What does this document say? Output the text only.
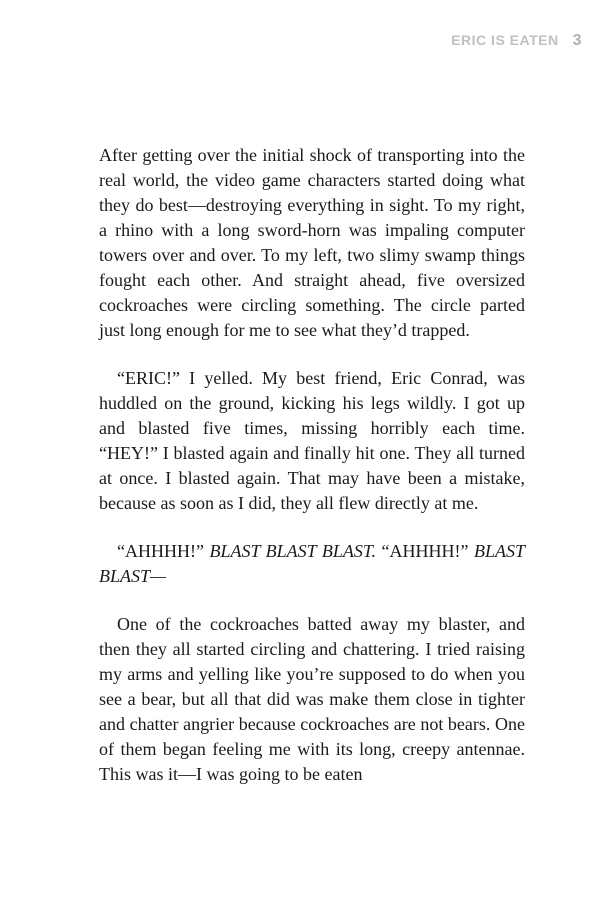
ERIC IS EATEN 3

After getting over the initial shock of transporting into the real world, the video game characters started doing what they do best—destroying everything in sight. To my right, a rhino with a long sword-horn was impaling computer towers over and over. To my left, two slimy swamp things fought each other. And straight ahead, five oversized cockroaches were circling something. The circle parted just long enough for me to see what they’d trapped.

“ERIC!” I yelled. My best friend, Eric Conrad, was huddled on the ground, kicking his legs wildly. I got up and blasted five times, missing horribly each time. “HEY!” I blasted again and finally hit one. They all turned at once. I blasted again. That may have been a mistake, because as soon as I did, they all flew directly at me.

“AHHHH!” BLAST BLAST BLAST. “AHHHH!” BLAST BLAST—

One of the cockroaches batted away my blaster, and then they all started circling and chattering. I tried raising my arms and yelling like you’re supposed to do when you see a bear, but all that did was make them close in tighter and chatter angrier because cockroaches are not bears. One of them began feeling me with its long, creepy antennae. This was it—I was going to be eaten
